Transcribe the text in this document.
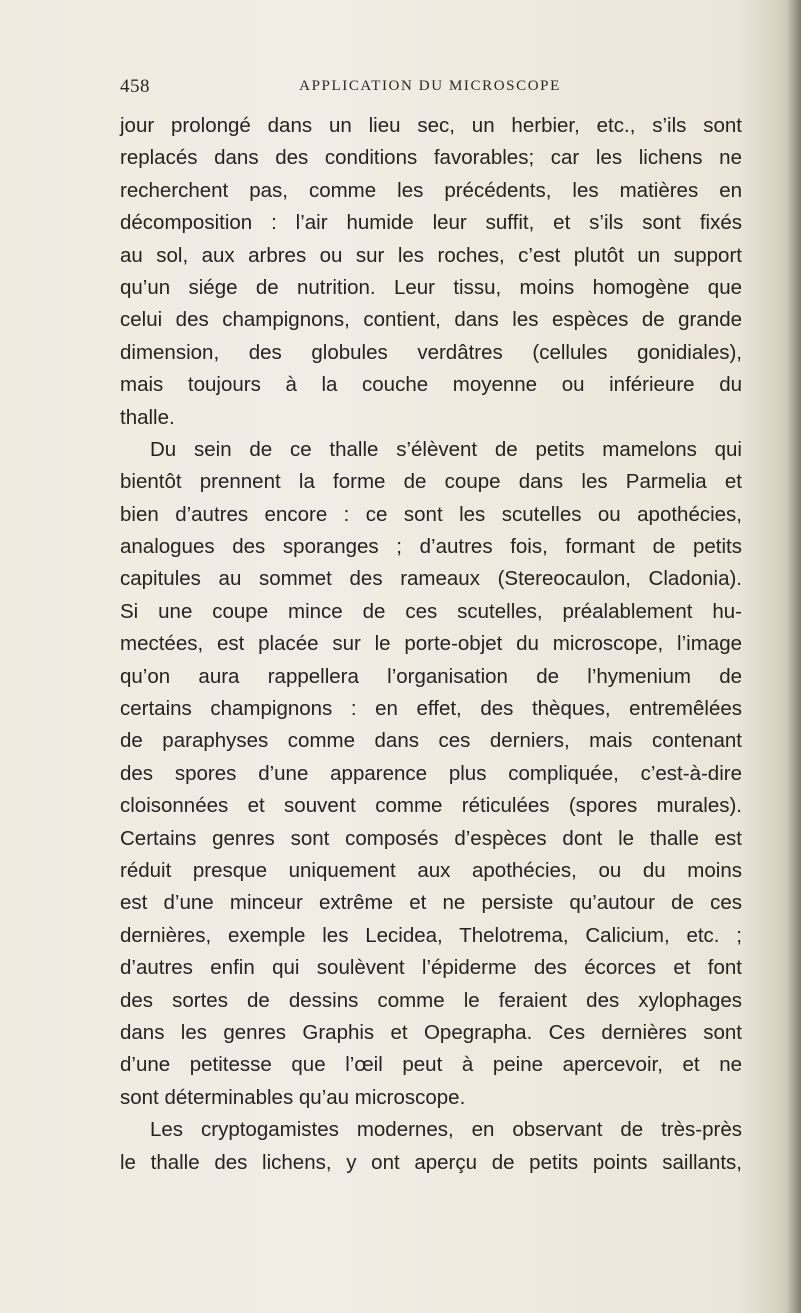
458	APPLICATION DU MICROSCOPE
jour prolongé dans un lieu sec, un herbier, etc., s’ils sont
replacés dans des conditions favorables; car les lichens ne
recherchent pas, comme les précédents, les matières en
décomposition : l’air humide leur suffit, et s’ils sont fixés
au sol, aux arbres ou sur les roches, c’est plutôt un support
qu’un siége de nutrition. Leur tissu, moins homogène que
celui des champignons, contient, dans les espèces de grande
dimension, des globules verdâtres (cellules gonidiales),
mais toujours à la couche moyenne ou inférieure du
thalle.
Du sein de ce thalle s’élèvent de petits mamelons qui
bientôt prennent la forme de coupe dans les Parmelia et
bien d’autres encore : ce sont les scutelles ou apothécies,
analogues des sporanges ; d’autres fois, formant de petits
capitules au sommet des rameaux (Stereocaulon, Cladonia).
Si une coupe mince de ces scutelles, préalablement hu-
mectées, est placée sur le porte-objet du microscope, l’image
qu’on aura rappellera l’organisation de l’hymenium de
certains champignons : en effet, des thèques, entremêlées
de paraphyses comme dans ces derniers, mais contenant
des spores d’une apparence plus compliquée, c’est-à-dire
cloisonnées et souvent comme réticulées (spores murales).
Certains genres sont composés d’espèces dont le thalle est
réduit presque uniquement aux apothécies, ou du moins
est d’une minceur extrême et ne persiste qu’autour de ces
dernières, exemple les Lecidea, Thelotrema, Calicium, etc. ;
d’autres enfin qui soulèvent l’épiderme des écorces et font
des sortes de dessins comme le feraient des xylophages
dans les genres Graphis et Opegrapha. Ces dernières sont
d’une petitesse que l’œil peut à peine apercevoir, et ne
sont déterminables qu’au microscope.
Les cryptogamistes modernes, en observant de très-près
le thalle des lichens, y ont aperçu de petits points saillants,
